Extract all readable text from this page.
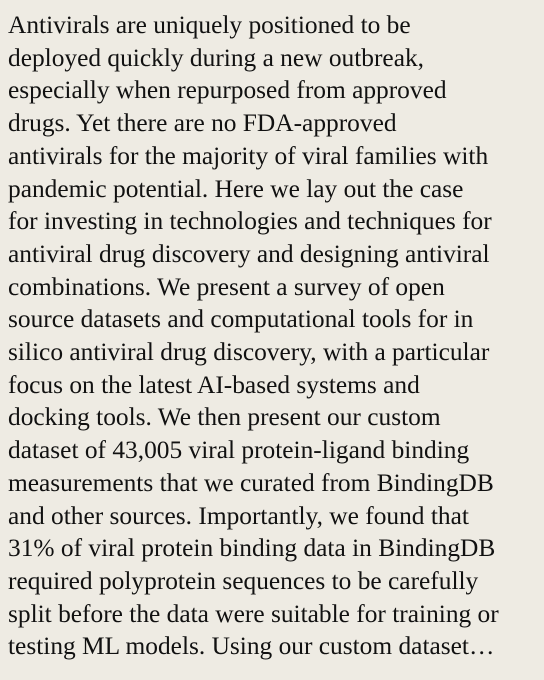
Antivirals are uniquely positioned to be
deployed quickly during a new outbreak,
especially when repurposed from approved
drugs. Yet there are no FDA-approved
antivirals for the majority of viral families with
pandemic potential. Here we lay out the case
for investing in technologies and techniques for
antiviral drug discovery and designing antiviral
combinations. We present a survey of open
source datasets and computational tools for in
silico antiviral drug discovery, with a particular
focus on the latest AI-based systems and
docking tools. We then present our custom
dataset of 43,005 viral protein-ligand binding
measurements that we curated from BindingDB
and other sources. Importantly, we found that
31% of viral protein binding data in BindingDB
required polyprotein sequences to be carefully
split before the data were suitable for training or
testing ML models. Using our custom dataset…
